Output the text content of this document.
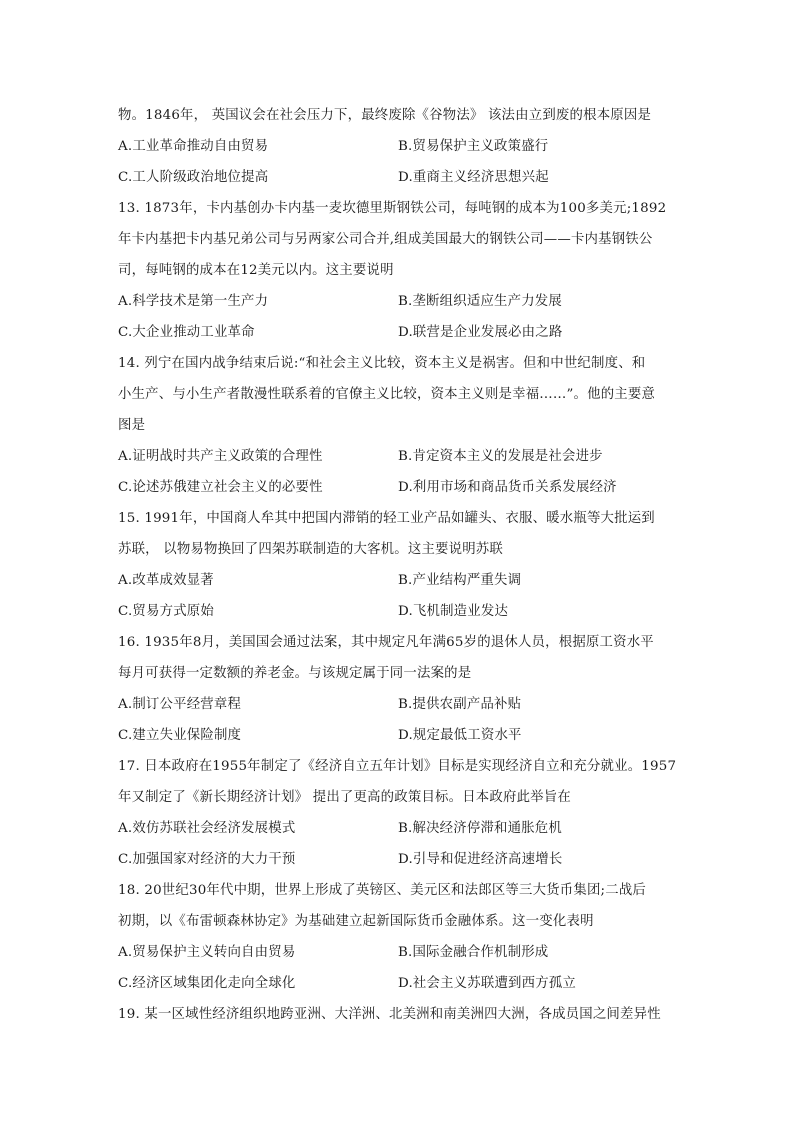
物。1846年， 英国议会在社会压力下，最终废除《谷物法》 该法由立到废的根本原因是
A.工业革命推动自由贸易	B.贸易保护主义政策盛行
C.工人阶级政治地位提高	D.重商主义经济思想兴起
13. 1873年，卡内基创办卡内基一麦坎德里斯钢铁公司，每吨钢的成本为100多美元;1892
年卡内基把卡内基兄弟公司与另两家公司合并,组成美国最大的钢铁公司——卡内基钢铁公
司，每吨钢的成本在12美元以内。这主要说明
A.科学技术是第一生产力	B.垄断组织适应生产力发展
C.大企业推动工业革命	D.联营是企业发展必由之路
14. 列宁在国内战争结束后说:“和社会主义比较，资本主义是祸害。但和中世纪制度、和
小生产、与小生产者散漫性联系着的官僚主义比较，资本主义则是幸福……”。他的主要意
图是
A.证明战时共产主义政策的合理性	B.肯定资本主义的发展是社会进步
C.论述苏俄建立社会主义的必要性	D.利用市场和商品货币关系发展经济
15. 1991年，中国商人牟其中把国内滞销的轻工业产品如罐头、衣服、暖水瓶等大批运到
苏联， 以物易物换回了四架苏联制造的大客机。这主要说明苏联
A.改革成效显著	B.产业结构严重失调
C.贸易方式原始	D.飞机制造业发达
16. 1935年8月，美国国会通过法案，其中规定凡年满65岁的退休人员，根据原工资水平
每月可获得一定数额的养老金。与该规定属于同一法案的是
A.制订公平经营章程	B.提供农副产品补贴
C.建立失业保险制度	D.规定最低工资水平
17. 日本政府在1955年制定了《经济自立五年计划》目标是实现经济自立和充分就业。1957
年又制定了《新长期经济计划》 提出了更高的政策目标。日本政府此举旨在
A.效仿苏联社会经济发展模式	B.解决经济停滞和通胀危机
C.加强国家对经济的大力干预	D.引导和促进经济高速增长
18. 20世纪30年代中期，世界上形成了英镑区、美元区和法郎区等三大货币集团;二战后
初期，以《布雷顿森林协定》为基础建立起新国际货币金融体系。这一变化表明
A.贸易保护主义转向自由贸易	B.国际金融合作机制形成
C.经济区域集团化走向全球化	D.社会主义苏联遭到西方孤立
19. 某一区域性经济组织地跨亚洲、大洋洲、北美洲和南美洲四大洲，各成员国之间差异性
